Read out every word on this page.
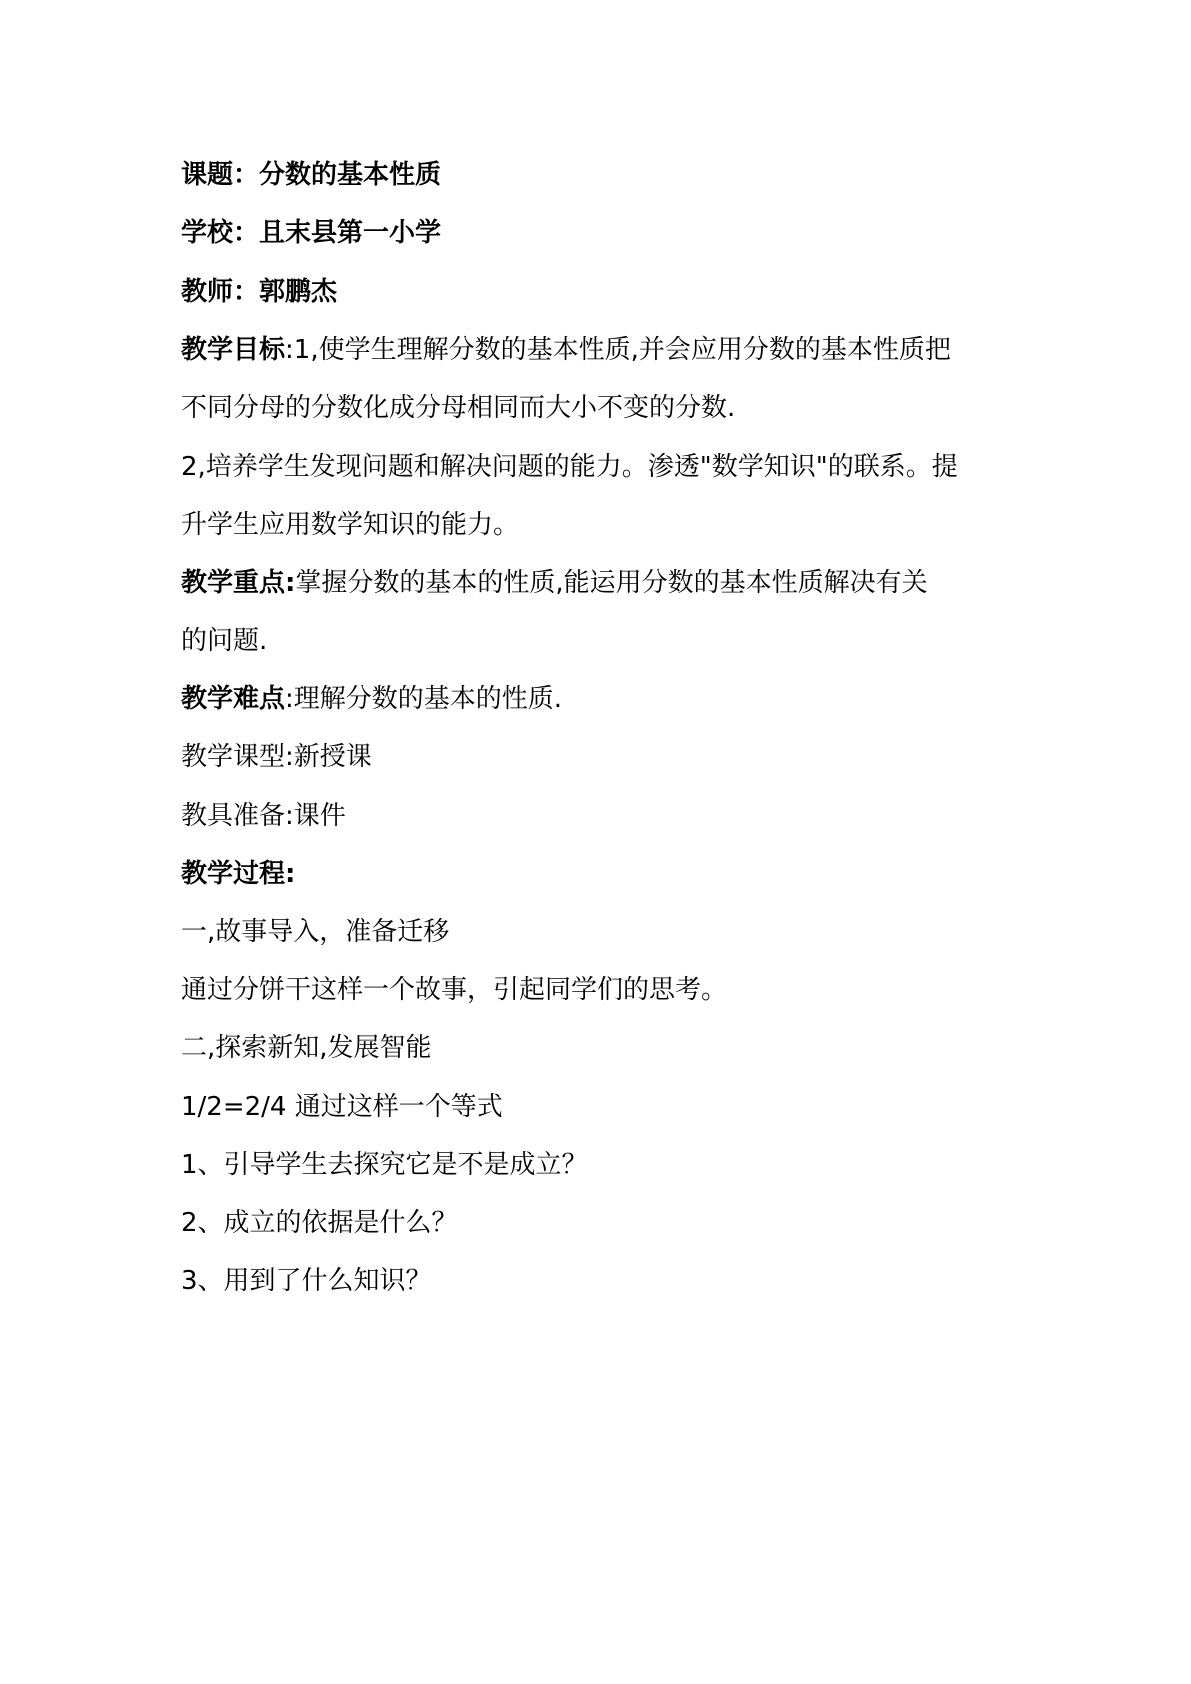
课题：分数的基本性质
学校：且末县第一小学
教师：郭鹏杰
教学目标:1,使学生理解分数的基本性质,并会应用分数的基本性质把
不同分母的分数化成分母相同而大小不变的分数.
2,培养学生发现问题和解决问题的能力。渗透"数学知识"的联系。提
升学生应用数学知识的能力。
教学重点:掌握分数的基本的性质,能运用分数的基本性质解决有关
的问题.
教学难点:理解分数的基本的性质.
教学课型:新授课
教具准备:课件
教学过程:
一,故事导入，准备迁移
通过分饼干这样一个故事，引起同学们的思考。
二,探索新知,发展智能
1/2=2/4 通过这样一个等式
1、引导学生去探究它是不是成立？
2、成立的依据是什么？
3、用到了什么知识？
